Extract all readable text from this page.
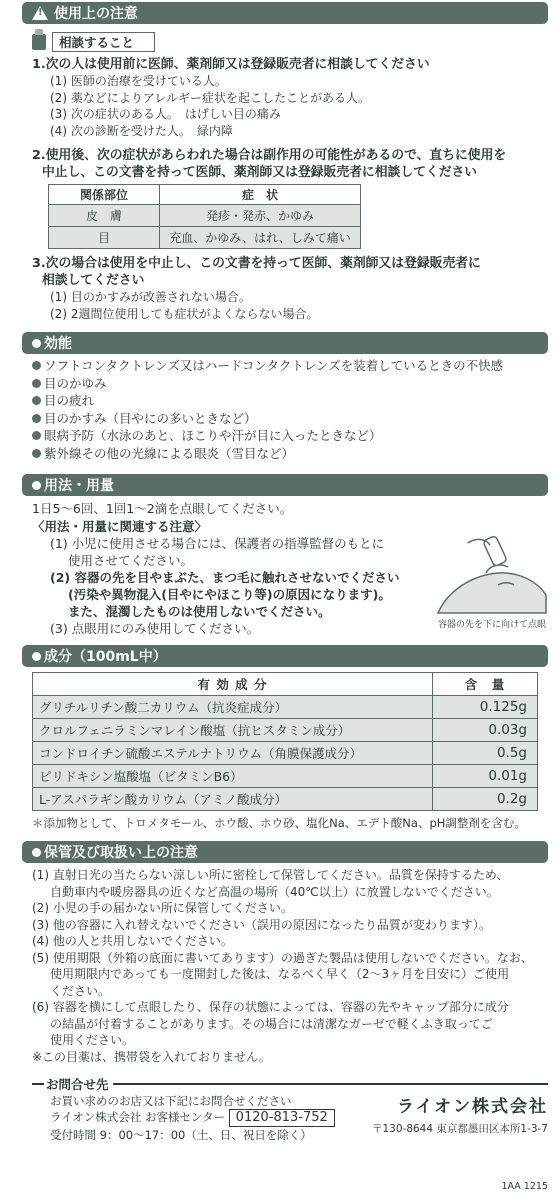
! 使用上の注意
相談すること
1.次の人は使用前に医師、薬剤師又は登録販売者に相談してください
(1) 医師の治療を受けている人。
(2) 薬などによりアレルギー症状を起こしたことがある人。
(3) 次の症状のある人。　はげしい目の痛み
(4) 次の診断を受けた人。　緑内障
2.使用後、次の症状があらわれた場合は副作用の可能性があるので、直ちに使用を
中止し、この文書を持って医師、薬剤師又は登録販売者に相談してください
関係部位	症　状
皮　膚	発疹・発赤、かゆみ
目	充血、かゆみ、はれ、しみて痛い
3.次の場合は使用を中止し、この文書を持って医師、薬剤師又は登録販売者に
相談してください
(1) 目のかすみが改善されない場合。
(2) 2週間位使用しても症状がよくならない場合。
効能
ソフトコンタクトレンズ又はハードコンタクトレンズを装着しているときの不快感
目のかゆみ
目の疲れ
目のかすみ（目やにの多いときなど）
眼病予防（水泳のあと、ほこりや汗が目に入ったときなど）
紫外線その他の光線による眼炎（雪目など）
用法・用量
1日5〜6回、1回1〜2滴を点眼してください。
〈用法・用量に関連する注意〉
(1) 小児に使用させる場合には、保護者の指導監督のもとに
使用させてください。
(2) 容器の先を目やまぶた、まつ毛に触れさせないでください
(汚染や異物混入(目やにやほこり等)の原因になります)。
また、混濁したものは使用しないでください。
(3) 点眼用にのみ使用してください。	容器の先を下に向けて点眼
成分（100mL中）
有 効 成 分	含　量
グリチルリチン酸二カリウム（抗炎症成分）	0.125g
クロルフェニラミンマレイン酸塩（抗ヒスタミン成分）	0.03g
コンドロイチン硫酸エステルナトリウム（角膜保護成分）	0.5g
ピリドキシン塩酸塩（ビタミンB6）	0.01g
L-アスパラギン酸カリウム（アミノ酸成分）	0.2g
＊添加物として、トロメタモール、ホウ酸、ホウ砂、塩化Na、エデト酸Na、pH調整剤を含む。
保管及び取扱い上の注意
(1) 直射日光の当たらない涼しい所に密栓して保管してください。品質を保持するため、
自動車内や暖房器具の近くなど高温の場所（40℃以上）に放置しないでください。
(2) 小児の手の届かない所に保管してください。
(3) 他の容器に入れ替えないでください（誤用の原因になったり品質が変わります）。
(4) 他の人と共用しないでください。
(5) 使用期限（外箱の底面に書いてあります）の過ぎた製品は使用しないでください。なお、
使用期限内であっても一度開封した後は、なるべく早く（2〜3ヶ月を目安に）ご使用
ください。
(6) 容器を横にして点眼したり、保存の状態によっては、容器の先やキャップ部分に成分
の結晶が付着することがあります。その場合には清潔なガーゼで軽くふき取ってご
使用ください。
※この目薬は、携帯袋を入れておりません。
お問合せ先
お買い求めのお店又は下記にお問合せください
ライオン株式会社 お客様センター 0120-813-752
受付時間 9：00〜17：00（土、日、祝日を除く）
ライオン株式会社
〒130-8644 東京都墨田区本所1-3-7
1AA 1215
